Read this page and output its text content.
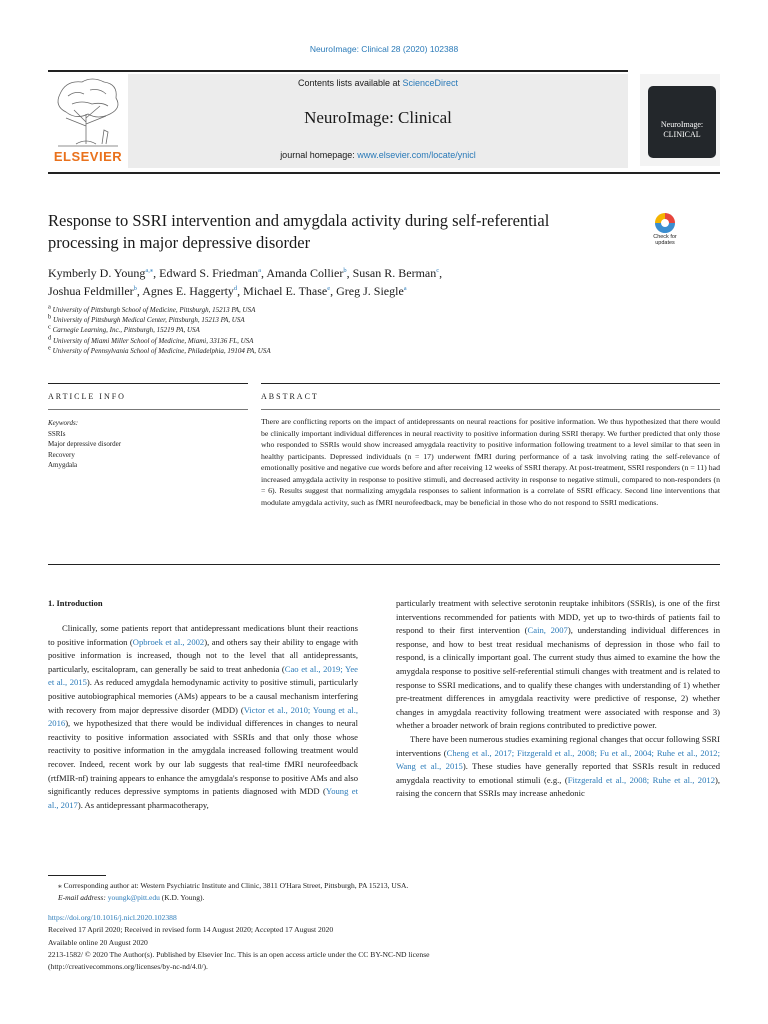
NeuroImage: Clinical 28 (2020) 102388
ELSEVIER
Contents lists available at ScienceDirect
NeuroImage: Clinical
journal homepage: www.elsevier.com/locate/ynicl
NeuroImage: CLINICAL
Response to SSRI intervention and amygdala activity during self-referential
processing in major depressive disorder	Check for updates
Kymberly D. Young$^{a,⁎}$, Edward S. Friedman$^a$, Amanda Collier$^b$, Susan R. Berman$^c$,
Joshua Feldmiller$^b$, Agnes E. Haggerty$^d$, Michael E. Thase$^e$, Greg J. Siegle$^a$
$^a$ University of Pittsburgh School of Medicine, Pittsburgh, 15213 PA, USA
$^b$ University of Pittsburgh Medical Center, Pittsburgh, 15213 PA, USA
$^c$ Carnegie Learning, Inc., Pittsburgh, 15219 PA, USA
$^d$ University of Miami Miller School of Medicine, Miami, 33136 FL, USA
$^e$ University of Pennsylvania School of Medicine, Philadelphia, 19104 PA, USA
ARTICLE INFO	ABSTRACT
Keywords:
SSRIs
Major depressive disorder
Recovery
Amygdala
There are conflicting reports on the impact of antidepressants on neural reactions for positive information. We thus hypothesized that there would be clinically important individual differences in neural reactivity to positive information during SSRI therapy. We further predicted that only those who responded to SSRIs would show increased amygdala reactivity to positive information following treatment to a level similar to that seen in healthy participants. Depressed individuals (n = 17) underwent fMRI during performance of a task involving rating the self-relevance of emotionally positive and negative cue words before and after receiving 12 weeks of SSRI therapy. At post-treatment, SSRI responders (n = 11) had increased amygdala activity in response to positive stimuli, and decreased activity in response to negative stimuli, compared to non-responders (n = 6). Results suggest that normalizing amygdala responses to salient information is a correlate of SSRI efficacy. Second line interventions that modulate amygdala activity, such as fMRI neurofeedback, may be beneficial in those who do not respond to SSRI medications.
1. Introduction

Clinically, some patients report that antidepressant medications blunt their reactions to positive information (Opbroek et al., 2002), and others say their ability to engage with positive information is increased, though not to the level that all antidepressants, particularly, escitalopram, can generally be said to treat anhedonia (Cao et al., 2019; Yee et al., 2015). As reduced amygdala hemodynamic activity to positive stimuli, particularly positive autobiographical memories (AMs) appears to be a causal mechanism interfering with recovery from major depressive disorder (MDD) (Victor et al., 2010; Young et al., 2016), we hypothesized that there would be individual differences in changes to neural reactivity to positive information associated with SSRIs and that only those whose reactivity to positive information in the amygdala increased following treatment would recover. Indeed, recent work by our lab suggests that real-time fMRI neurofeedback (rtfMIR-nf) training appears to enhance the amygdala's response to positive AMs and also significantly reduces depressive symptoms in patients diagnosed with MDD (Young et al., 2017). As antidepressant pharmacotherapy,

particularly treatment with selective serotonin reuptake inhibitors (SSRIs), is one of the first interventions recommended for patients with MDD, yet up to two-thirds of patients fail to respond to their first intervention (Cain, 2007), understanding individual differences in response, and how to best treat residual mechanisms of depression in those who fail to respond, is a clinically important goal. The current study thus aimed to examine the how the amygdala response to positive self-referential stimuli changes with treatment and is related to response to SSRI medications, and to qualify these changes with understanding of 1) whether pre-treatment differences in amygdala reactivity were predictive of response, 2) whether changes in amygdala reactivity following treatment were associated with response and 3) whether a broader network of brain regions contributed to predictive power.

There have been numerous studies examining regional changes that occur following SSRI interventions (Cheng et al., 2017; Fitzgerald et al., 2008; Fu et al., 2004; Ruhe et al., 2012; Wang et al., 2015). These studies have generally reported that SSRIs result in reduced amygdala reactivity to emotional stimuli (e.g., (Fitzgerald et al., 2008; Ruhe et al., 2012), raising the concern that SSRIs may increase anhedonic

⁎ Corresponding author at: Western Psychiatric Institute and Clinic, 3811 O'Hara Street, Pittsburgh, PA 15213, USA.
E-mail address: youngk@pitt.edu (K.D. Young).
https://doi.org/10.1016/j.nicl.2020.102388
Received 17 April 2020; Received in revised form 14 August 2020; Accepted 17 August 2020
Available online 20 August 2020
2213-1582/ © 2020 The Author(s). Published by Elsevier Inc. This is an open access article under the CC BY-NC-ND license
(http://creativecommons.org/licenses/by-nc-nd/4.0/).
